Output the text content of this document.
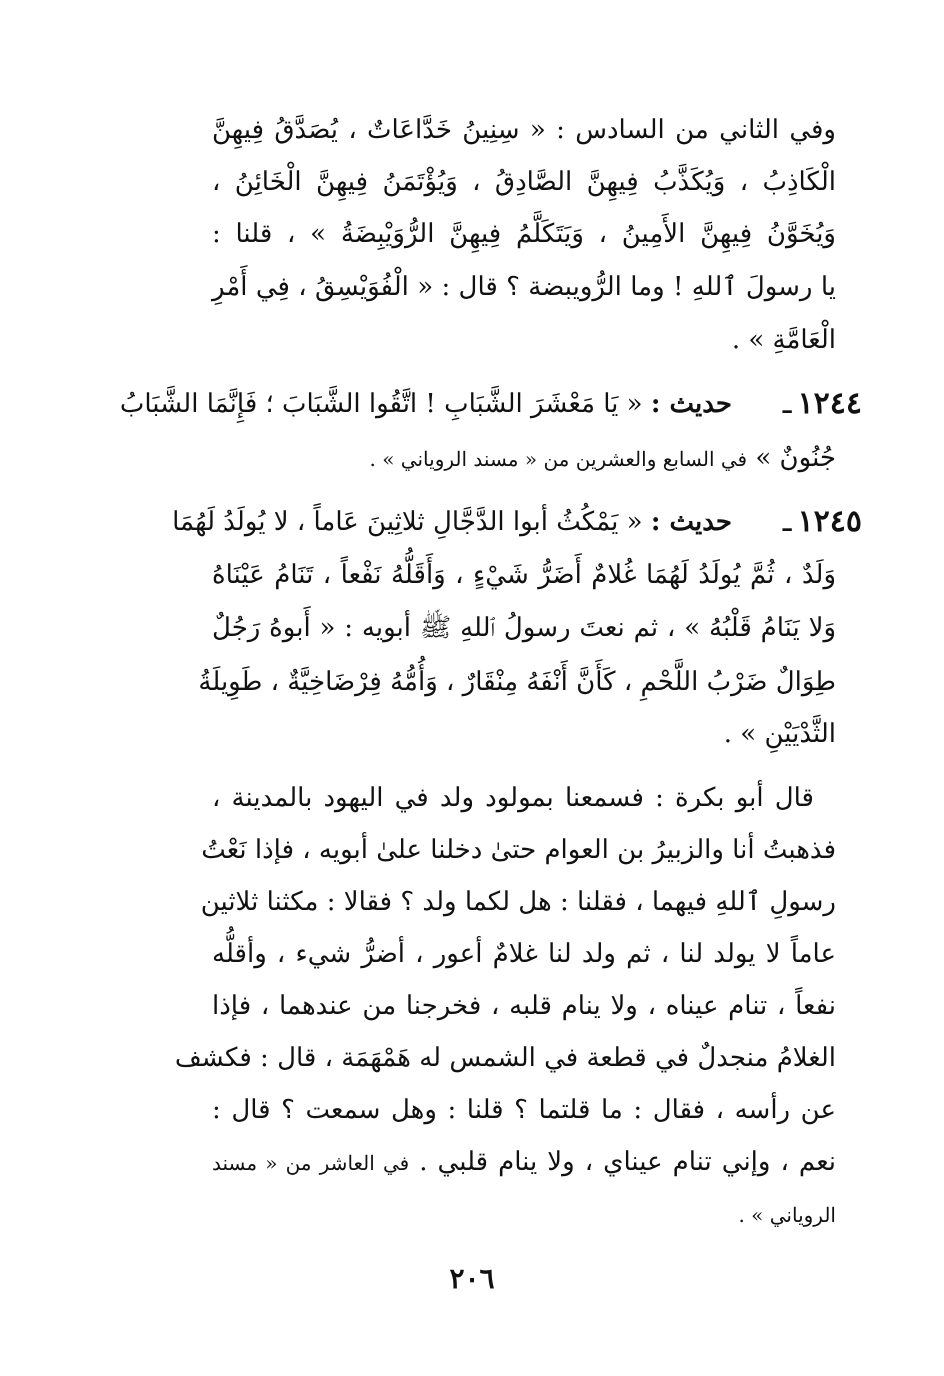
وفي الثاني من السادس : « سِنِينُ خَدَّاعَاتٌ ، يُصَدَّقُ فِيهِنَّ
الْكَاذِبُ ، وَيُكَذَّبُ فِيهِنَّ الصَّادِقُ ، وَيُؤْتَمَنُ فِيهِنَّ الْخَائِنُ ،
وَيُخَوَّنُ فِيهِنَّ الأَمِينُ ، وَيَتَكَلَّمُ فِيهِنَّ الرُّوَيْبِضَةُ » ، قلنا :
يا رسولَ ٱللهِ ! وما الرُّويبضة ؟ قال : « الْفُوَيْسِقُ ، فِي أَمْرِ
الْعَامَّةِ » .
١٢٤٤ـ
حديث : « يَا مَعْشَرَ الشَّبَابِ ! اتَّقُوا الشَّبَابَ ؛ فَإِنَّمَا الشَّبَابُ
جُنُونٌ » في السابع والعشرين من « مسند الروياني » .
١٢٤٥ـ
حديث : « يَمْكُثُ أبوا الدَّجَّالِ ثلاثِينَ عَاماً ، لا يُولَدُ لَهُمَا
وَلَدٌ ، ثُمَّ يُولَدُ لَهُمَا غُلامٌ أَضَرُّ شَيْءٍ ، وَأَقَلُّهُ نَفْعاً ، تَنَامُ عَيْنَاهُ
وَلا يَنَامُ قَلْبُهُ » ، ثم نعتَ رسولُ ٱللهِ ﷺ أبويه : « أَبوهُ رَجُلٌ
طِوَالٌ ضَرْبُ اللَّحْمِ ، كَأَنَّ أَنْفَهُ مِنْقَارٌ ، وَأُمُّهُ فِرْضَاخِيَّةٌ ، طَوِيلَةُ
الثَّدْيَيْنِ » .
قال أبو بكرة : فسمعنا بمولود ولد في اليهود بالمدينة ،
فذهبتُ أنا والزبيرُ بن العوام حتىٰ دخلنا علىٰ أبويه ، فإذا نَعْتُ
رسولِ ٱللهِ فيهما ، فقلنا : هل لكما ولد ؟ فقالا : مكثنا ثلاثين
عاماً لا يولد لنا ، ثم ولد لنا غلامٌ أعور ، أضرُّ شيء ، وأقلُّه
نفعاً ، تنام عيناه ، ولا ينام قلبه ، فخرجنا من عندهما ، فإذا
الغلامُ منجدلٌ في قطعة في الشمس له هَمْهَمَة ، قال : فكشف
عن رأسه ، فقال : ما قلتما ؟ قلنا : وهل سمعت ؟ قال :
نعم ، وإني تنام عيناي ، ولا ينام قلبي . في العاشر من « مسند
الروياني » .
٢٠٦
